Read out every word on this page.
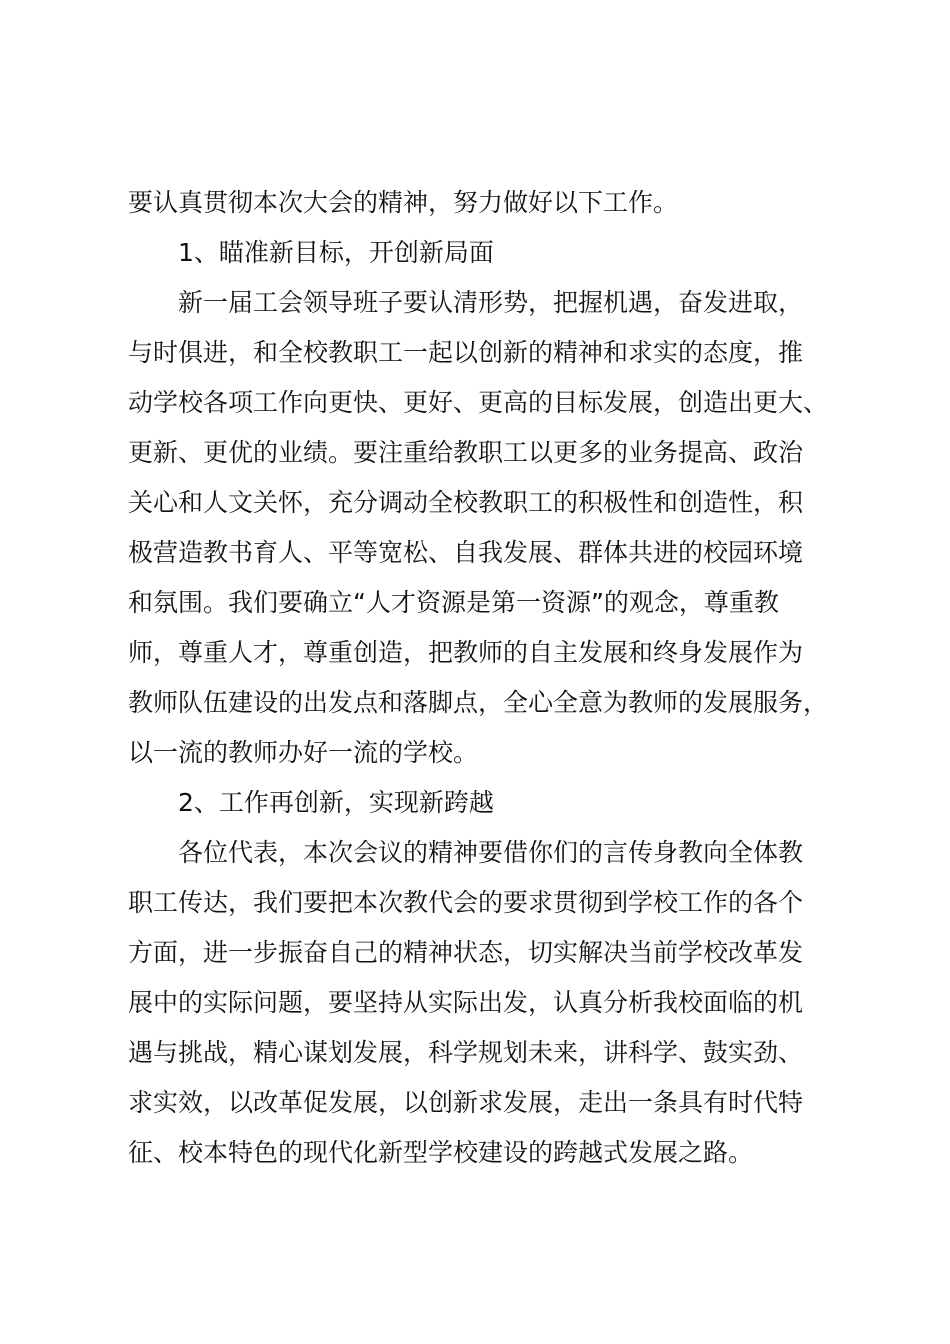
要认真贯彻本次大会的精神，努力做好以下工作。
1、瞄准新目标，开创新局面
新一届工会领导班子要认清形势，把握机遇，奋发进取，
与时俱进，和全校教职工一起以创新的精神和求实的态度，推
动学校各项工作向更快、更好、更高的目标发展，创造出更大、
更新、更优的业绩。要注重给教职工以更多的业务提高、政治
关心和人文关怀，充分调动全校教职工的积极性和创造性，积
极营造教书育人、平等宽松、自我发展、群体共进的校园环境
和氛围。我们要确立“人才资源是第一资源”的观念，尊重教
师，尊重人才，尊重创造，把教师的自主发展和终身发展作为
教师队伍建设的出发点和落脚点，全心全意为教师的发展服务，
以一流的教师办好一流的学校。
2、工作再创新，实现新跨越
各位代表，本次会议的精神要借你们的言传身教向全体教
职工传达，我们要把本次教代会的要求贯彻到学校工作的各个
方面，进一步振奋自己的精神状态，切实解决当前学校改革发
展中的实际问题，要坚持从实际出发，认真分析我校面临的机
遇与挑战，精心谋划发展，科学规划未来，讲科学、鼓实劲、
求实效，以改革促发展，以创新求发展，走出一条具有时代特
征、校本特色的现代化新型学校建设的跨越式发展之路。
